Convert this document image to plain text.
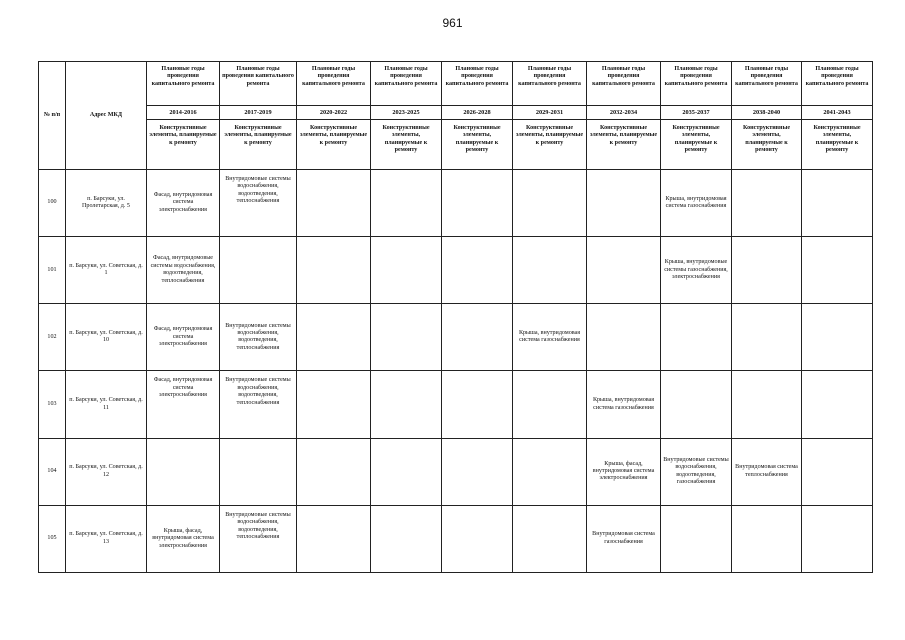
961
№ п/п	Адрес МКД	Плановые годы проведения капитального ремонта	Плановые годы проведения капитального ремонта	Плановые годы проведения капитального ремонта	Плановые годы проведения капитального ремонта	Плановые годы проведения капитального ремонта	Плановые годы проведения капитального ремонта	Плановые годы проведения капитального ремонта	Плановые годы проведения капитального ремонта	Плановые годы проведения капитального ремонта	Плановые годы проведения капитального ремонта
		2014-2016	2017-2019	2020-2022	2023-2025	2026-2028	2029-2031	2032-2034	2035-2037	2038-2040	2041-2043
		Конструктивные элементы, планируемые к ремонту	Конструктивные элементы, планируемые к ремонту	Конструктивные элементы, планируемые к ремонту	Конструктивные элементы, планируемые к ремонту	Конструктивные элементы, планируемые к ремонту	Конструктивные элементы, планируемые к ремонту	Конструктивные элементы, планируемые к ремонту	Конструктивные элементы, планируемые к ремонту	Конструктивные элементы, планируемые к ремонту	Конструктивные элементы, планируемые к ремонту
100	п. Барсуки, ул. Пролетарская, д. 5	Фасад, внутридомовая система электроснабжения	Внутридомовые системы водоснабжения, водоотведения, теплоснабжения						Крыша, внутридомовая система газоснабжения		
101	п. Барсуки, ул. Советская, д. 1	Фасад, внутридомовые системы водоснабжения, водоотведения, теплоснабжения							Крыша, внутридомовые системы газоснабжения, электроснабжения		
102	п. Барсуки, ул. Советская, д. 10	Фасад, внутридомовая система электроснабжения	Внутридомовые системы водоснабжения, водоотведения, теплоснабжения				Крыша, внутридомовая система газоснабжения				
103	п. Барсуки, ул. Советская, д. 11	Фасад, внутридомовая система электроснабжения	Внутридомовые системы водоснабжения, водоотведения, теплоснабжения					Крыша, внутридомовая система газоснабжения			
104	п. Барсуки, ул. Советская, д. 12							Крыша, фасад, внутридомовая система электроснабжения	Внутридомовые системы водоснабжения, водоотведения, газоснабжения	Внутридомовая система теплоснабжения	
105	п. Барсуки, ул. Советская, д. 13	Крыша, фасад, внутридомовая система электроснабжения	Внутридомовые системы водоснабжения, водоотведения, теплоснабжения					Внутридомовая система газоснабжения			
